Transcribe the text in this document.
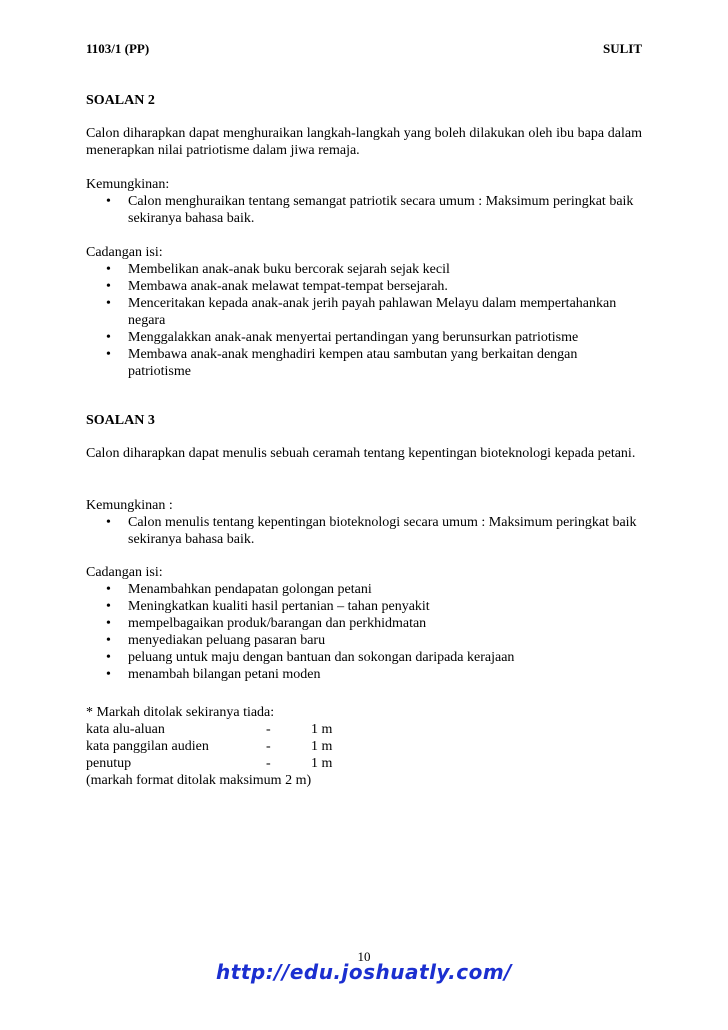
1103/1 (PP)	SULIT
SOALAN 2
Calon diharapkan dapat menghuraikan langkah-langkah yang boleh dilakukan oleh ibu bapa dalam menerapkan nilai patriotisme dalam jiwa remaja.
Kemungkinan:
• Calon menghuraikan tentang semangat patriotik secara umum : Maksimum peringkat baik sekiranya bahasa baik.
Cadangan isi:
• Membelikan anak-anak buku bercorak sejarah sejak kecil
• Membawa anak-anak melawat tempat-tempat bersejarah.
• Menceritakan kepada anak-anak jerih payah pahlawan Melayu dalam mempertahankan negara
• Menggalakkan anak-anak menyertai pertandingan yang berunsurkan patriotisme
• Membawa anak-anak menghadiri kempen atau sambutan yang berkaitan dengan patriotisme
SOALAN 3
Calon diharapkan dapat menulis sebuah ceramah tentang kepentingan bioteknologi kepada petani.
Kemungkinan :
• Calon menulis tentang kepentingan bioteknologi secara umum : Maksimum peringkat baik sekiranya bahasa baik.
Cadangan isi:
• Menambahkan pendapatan golongan petani
• Meningkatkan kualiti hasil pertanian – tahan penyakit
• mempelbagaikan produk/barangan dan perkhidmatan
• menyediakan peluang pasaran baru
• peluang untuk maju dengan bantuan dan sokongan daripada kerajaan
• menambah bilangan petani moden
* Markah ditolak sekiranya tiada:
kata alu-aluan	-	1 m
kata panggilan audien	-	1 m
penutup	-	1 m
(markah format ditolak maksimum 2 m)
10
http://edu.joshuatly.com/
